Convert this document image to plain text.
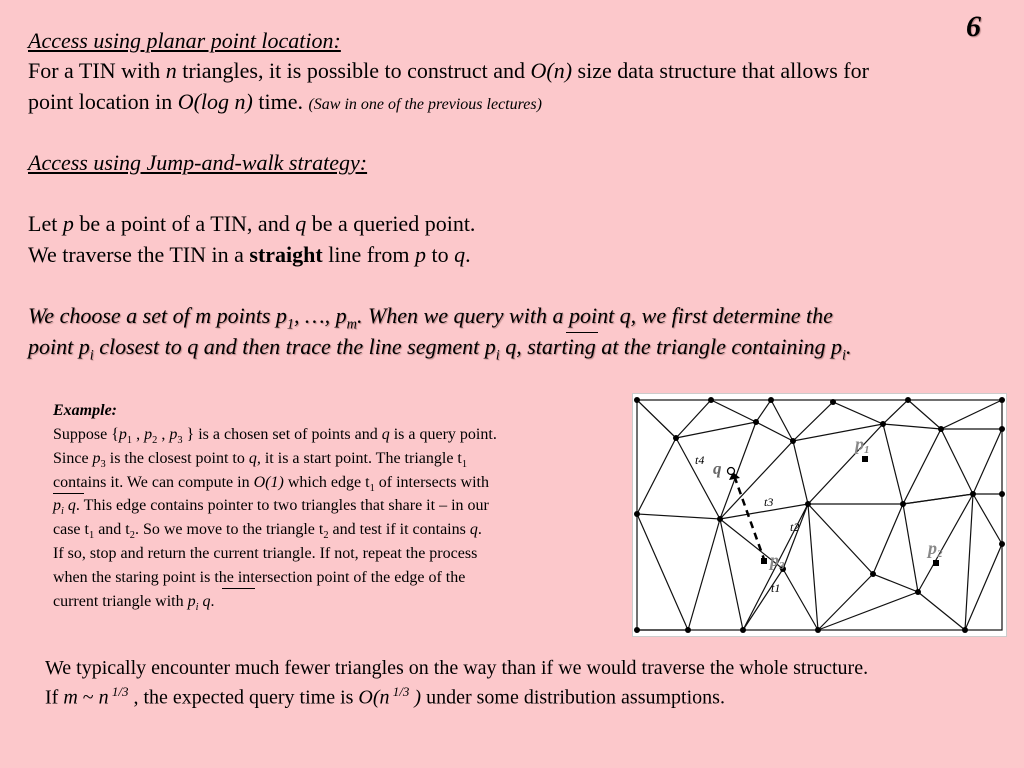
6
Access using planar point location:
For a TIN with n triangles, it is possible to construct and O(n) size data structure that allows for
point location in O(log n) time. (Saw in one of the previous lectures)
Access using Jump-and-walk strategy:
Let p be a point of a TIN, and q be a queried point.
We traverse the TIN in a straight line from p to q.
We choose a set of m points $p_1$, …, $p_m$. When we query with a point q, we first determine the
point $p_i$ closest to q and then trace the line segment $p_i$ q, starting at the triangle containing $p_i$.
Example:
Suppose {$p_1$ , $p_2$ , $p_3$ } is a chosen set of points and q is a query point.
Since $p_3$ is the closest point to q, it is a start point. The triangle $t_1$
contains it. We can compute in O(1) which edge $t_1$ of intersects with
$p_i$ q. This edge contains pointer to two triangles that share it – in our
case $t_1$ and $t_2$. So we move to the triangle $t_2$ and test if it contains q.
If so, stop and return the current triangle. If not, repeat the process
when the staring point is the intersection point of the edge of the
current triangle with $p_i$ q.
t4
t3
t2
t1
q
p1
p2
p3
We typically encounter much fewer triangles on the way than if we would traverse the whole structure.
If m ~ n $^{1/3}$ , the expected query time is O(n $^{1/3}$ ) under some distribution assumptions.
